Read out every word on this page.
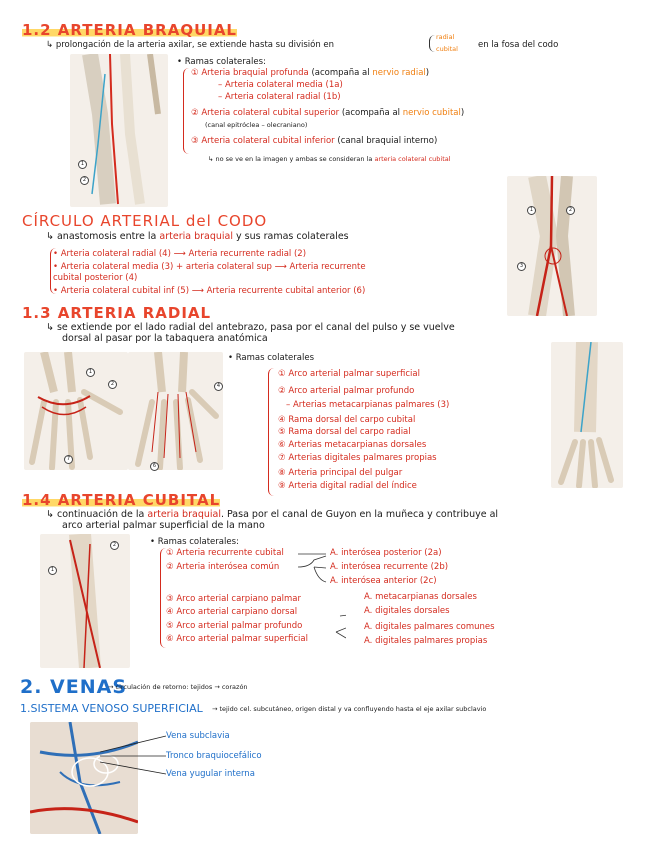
1.2 ARTERIA BRAQUIAL
↳ prolongación de la arteria axilar, se extiende hasta su división en
radial
cubital en la fosa del codo
1
2
• Ramas colaterales:
① Arteria braquial profunda (acompaña al nervio radial)
– Arteria colateral media (1a)
– Arteria colateral radial (1b)
② Arteria colateral cubital superior (acompaña al nervio cubital)
(canal epitróclea – olecraniano)
③ Arteria colateral cubital inferior (canal braquial interno)
↳ no se ve en la imagen y ambas se consideran la arteria colateral cubital
1	2
3
CÍRCULO ARTERIAL del CODO
↳ anastomosis entre la arteria braquial y sus ramas colaterales
• Arteria colateral radial (4) ⟶ Arteria recurrente radial (2)
• Arteria colateral media (3) + arteria colateral sup ⟶ Arteria recurrente
cubital posterior (4)
• Arteria colateral cubital inf (5) ⟶ Arteria recurrente cubital anterior (6)
1.3 ARTERIA RADIAL
↳ se extiende por el lado radial del antebrazo, pasa por el canal del pulso y se vuelve
dorsal al pasar por la tabaquera anatómica
1
2
7
4
6
• Ramas colaterales
① Arco arterial palmar superficial
② Arco arterial palmar profundo
– Arterias metacarpianas palmares (3)
④ Rama dorsal del carpo cubital
⑤ Rama dorsal del carpo radial
⑥ Arterias metacarpianas dorsales
⑦ Arterias digitales palmares propias
⑧ Arteria principal del pulgar
⑨ Arteria digital radial del índice
1.4 ARTERIA CUBITAL
↳ continuación de la arteria braquial. Pasa por el canal de Guyon en la muñeca y contribuye al
arco arterial palmar superficial de la mano
1
2	• Ramas colaterales:
① Arteria recurrente cubital
② Arteria interósea común
③ Arco arterial carpiano palmar
④ Arco arterial carpiano dorsal
⑤ Arco arterial palmar profundo
⑥ Arco arterial palmar superficial
A. interósea posterior (2a)
A. interósea recurrente (2b)
A. interósea anterior (2c)
A. metacarpianas dorsales
A. digitales dorsales
A. digitales palmares comunes
A. digitales palmares propias
2. VENAS
→ circulación de retorno: tejidos → corazón
1.SISTEMA VENOSO SUPERFICIAL → tejido cel. subcutáneo, origen distal y va confluyendo hasta el eje axilar subclavio
Vena subclavia
Tronco braquiocefálico
Vena yugular interna
